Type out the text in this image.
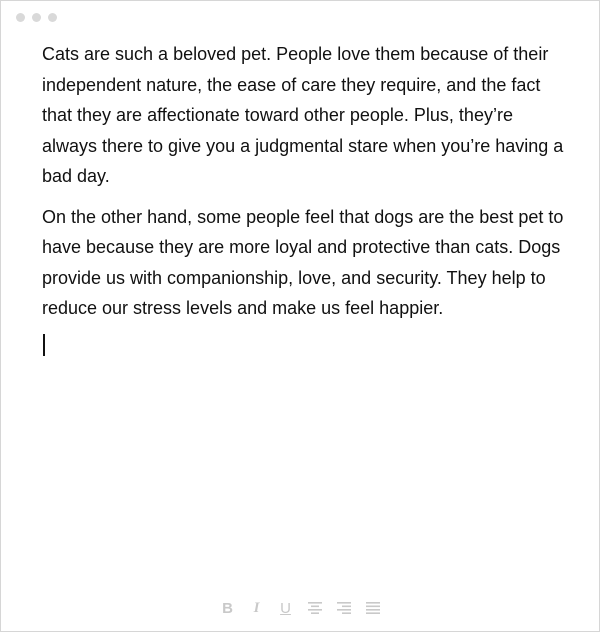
Cats are such a beloved pet. People love them because of their independent nature, the ease of care they require, and the fact that they are affectionate toward other people. Plus, they’re always there to give you a judgmental stare when you’re having a bad day.

On the other hand, some people feel that dogs are the best pet to have because they are more loyal and protective than cats. Dogs provide us with companionship, love, and security. They help to reduce our stress levels and make us feel happier.

B I U
